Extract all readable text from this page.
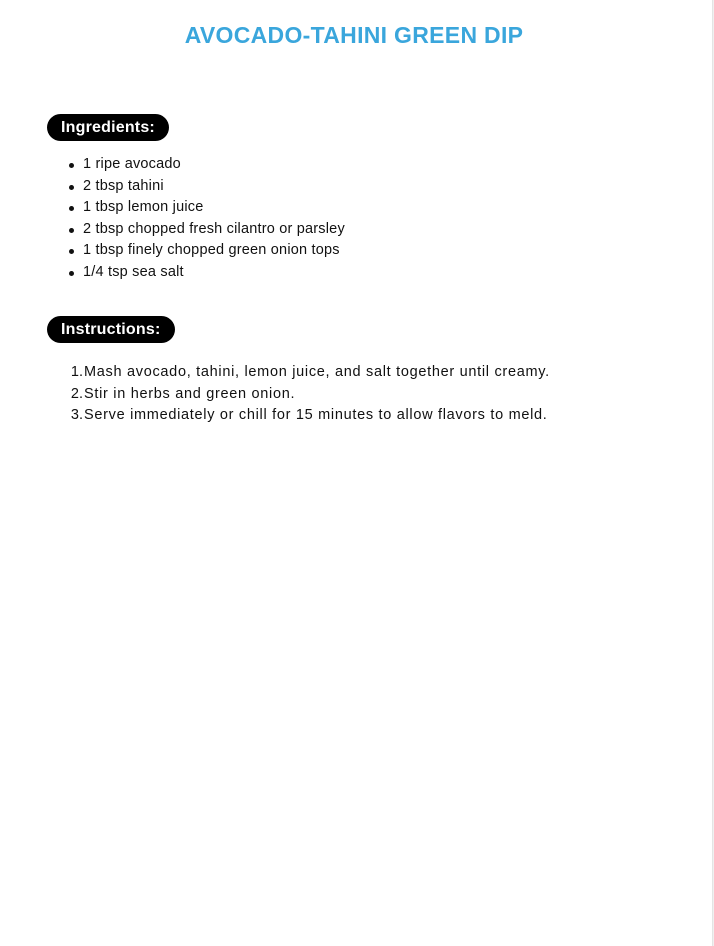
AVOCADO-TAHINI GREEN DIP
Ingredients:
1 ripe avocado
2 tbsp tahini
1 tbsp lemon juice
2 tbsp chopped fresh cilantro or parsley
1 tbsp finely chopped green onion tops
1/4 tsp sea salt
Instructions:
1. Mash avocado, tahini, lemon juice, and salt together until creamy.
2. Stir in herbs and green onion.
3. Serve immediately or chill for 15 minutes to allow flavors to meld.
